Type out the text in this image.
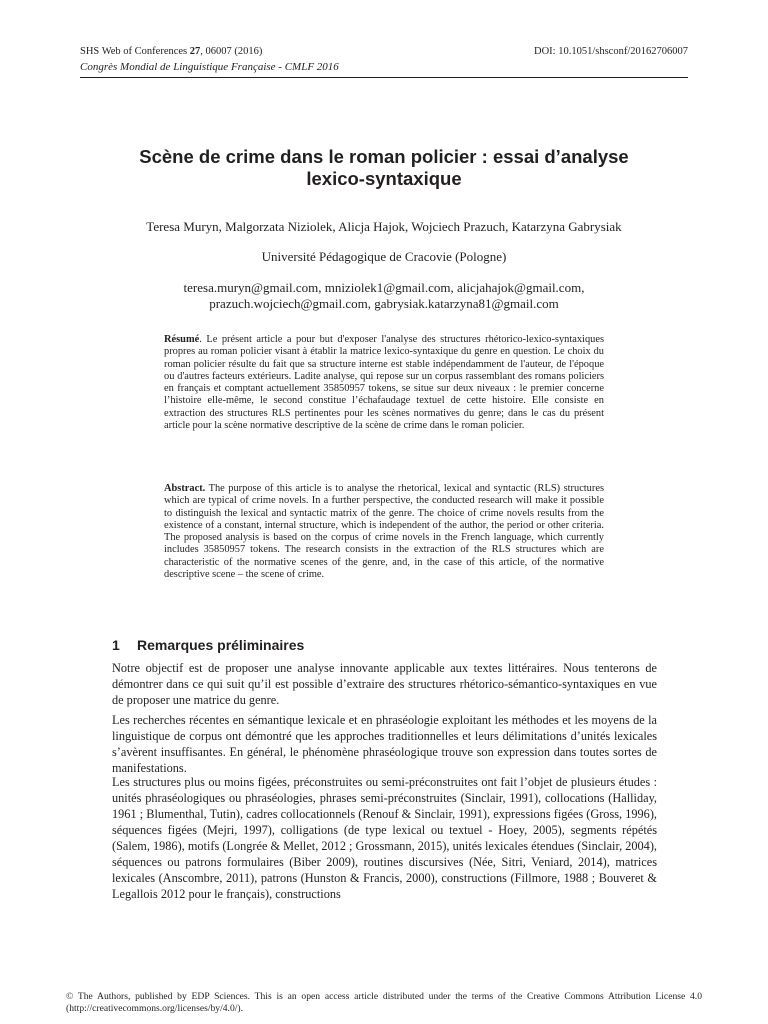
SHS Web of Conferences 27, 06007 (2016)	DOI: 10.1051/shsconf/20162706007
Congrès Mondial de Linguistique Française - CMLF 2016
Scène de crime dans le roman policier : essai d’analyse
lexico-syntaxique
Teresa Muryn, Malgorzata Niziolek, Alicja Hajok, Wojciech Prazuch, Katarzyna Gabrysiak
Université Pédagogique de Cracovie (Pologne)
teresa.muryn@gmail.com, mniziolek1@gmail.com, alicjahajok@gmail.com,
prazuch.wojciech@gmail.com, gabrysiak.katarzyna81@gmail.com
Résumé. Le présent article a pour but d'exposer l'analyse des structures rhétorico-lexico-syntaxiques propres au roman policier visant à établir la matrice lexico-syntaxique du genre en question. Le choix du roman policier résulte du fait que sa structure interne est stable indépendamment de l'auteur, de l'époque ou d'autres facteurs extérieurs. Ladite analyse, qui repose sur un corpus rassemblant des romans policiers en français et comptant actuellement 35850957 tokens, se situe sur deux niveaux : le premier concerne l’histoire elle-même, le second constitue l’échafaudage textuel de cette histoire. Elle consiste en extraction des structures RLS pertinentes pour les scènes normatives du genre; dans le cas du présent article pour la scène normative descriptive de la scène de crime dans le roman policier.
Abstract. The purpose of this article is to analyse the rhetorical, lexical and syntactic (RLS) structures which are typical of crime novels. In a further perspective, the conducted research will make it possible to distinguish the lexical and syntactic matrix of the genre. The choice of crime novels results from the existence of a constant, internal structure, which is independent of the author, the period or other criteria. The proposed analysis is based on the corpus of crime novels in the French language, which currently includes 35850957 tokens. The research consists in the extraction of the RLS structures which are characteristic of the normative scenes of the genre, and, in the case of this article, of the normative descriptive scene – the scene of crime.
1 Remarques préliminaires
Notre objectif est de proposer une analyse innovante applicable aux textes littéraires. Nous tenterons de démontrer dans ce qui suit qu’il est possible d’extraire des structures rhétorico-sémantico-syntaxiques en vue de proposer une matrice du genre.
Les recherches récentes en sémantique lexicale et en phraséologie exploitant les méthodes et les moyens de la linguistique de corpus ont démontré que les approches traditionnelles et leurs délimitations d’unités lexicales s’avèrent insuffisantes. En général, le phénomène phraséologique trouve son expression dans toutes sortes de manifestations.
Les structures plus ou moins figées, préconstruites ou semi-préconstruites ont fait l’objet de plusieurs études : unités phraséologiques ou phraséologies, phrases semi-préconstruites (Sinclair, 1991), collocations (Halliday, 1961 ; Blumenthal, Tutin), cadres collocationnels (Renouf & Sinclair, 1991), expressions figées (Gross, 1996), séquences figées (Mejri, 1997), colligations (de type lexical ou textuel - Hoey, 2005), segments répétés (Salem, 1986), motifs (Longrée & Mellet, 2012 ; Grossmann, 2015), unités lexicales étendues (Sinclair, 2004), séquences ou patrons formulaires (Biber 2009), routines discursives (Née, Sitri, Veniard, 2014), matrices lexicales (Anscombre, 2011), patrons (Hunston & Francis, 2000), constructions (Fillmore, 1988 ; Bouveret & Legallois 2012 pour le français), constructions
© The Authors, published by EDP Sciences. This is an open access article distributed under the terms of the Creative Commons Attribution License 4.0 (http://creativecommons.org/licenses/by/4.0/).
